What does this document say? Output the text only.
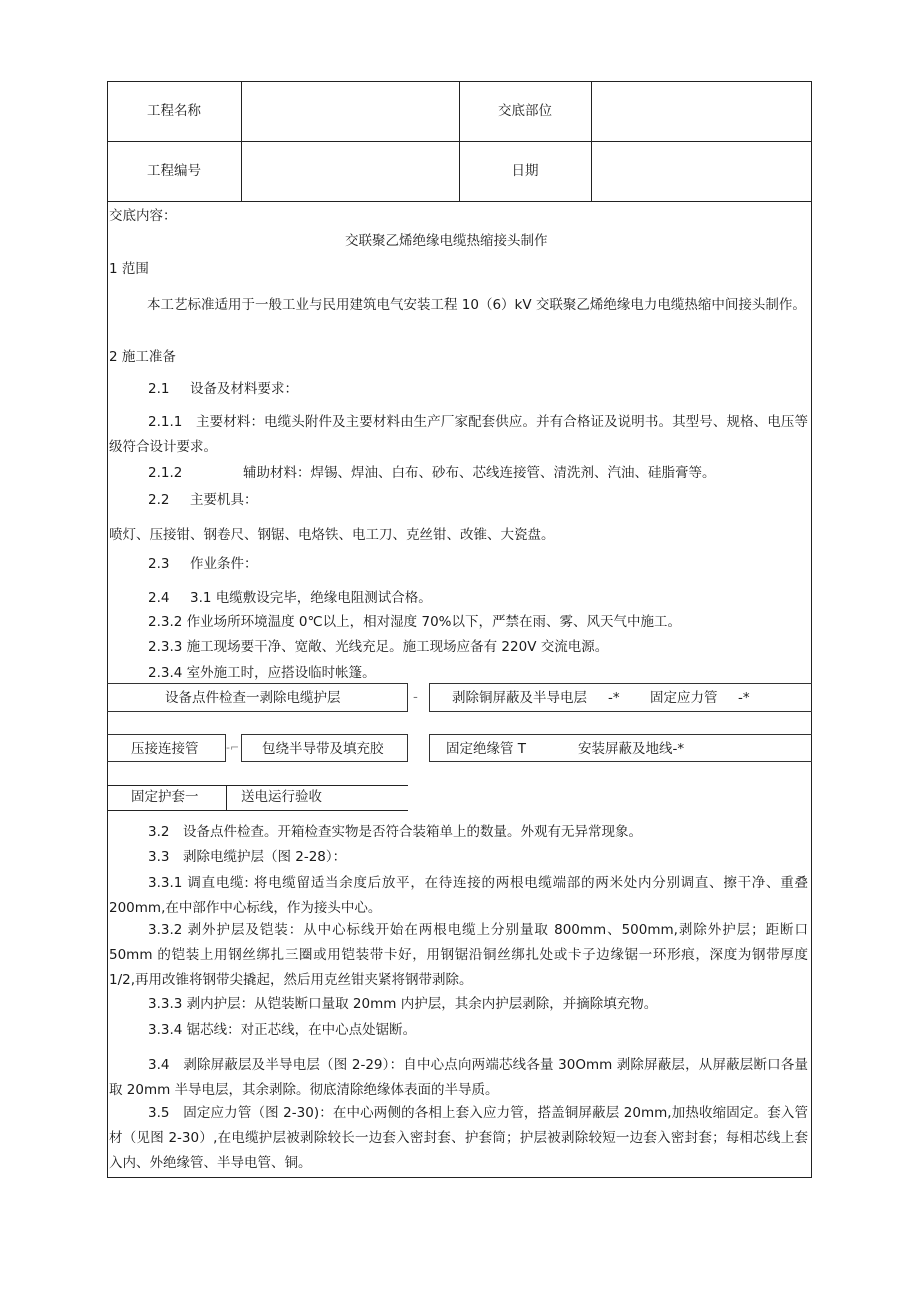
工程名称	交底部位
工程编号	日期
交底内容：
交联聚乙烯绝缘电缆热缩接头制作
1 范围
本工艺标准适用于一般工业与民用建筑电气安装工程 10（6）kV 交联聚乙烯绝缘电力电缆热缩中间接头制作。
2 施工准备
2.1 设备及材料要求：
2.1.1　主要材料：电缆头附件及主要材料由生产厂家配套供应。并有合格证及说明书。其型号、规格、电压等级符合设计要求。
2.1.2	辅助材料：焊锡、焊油、白布、砂布、芯线连接管、清洗剂、汽油、硅脂膏等。
2.2 主要机具：
喷灯、压接钳、钢卷尺、钢锯、电烙铁、电工刀、克丝钳、改锥、大瓷盘。
2.3 作业条件：
2.4 3.1 电缆敷设完毕，绝缘电阻测试合格。
2.3.2 作业场所环境温度 0℃以上，相对湿度 70%以下，严禁在雨、雾、风天气中施工。
2.3.3 施工现场要干净、宽敞、光线充足。施工现场应备有 220V 交流电源。
2.3.4 室外施工时，应搭设临时帐篷。
设备点件检查一剥除电缆护层	-	剥除铜屏蔽及半导电层 -* 固定应力管 -*
压接连接管	-⌐ 包绕半导带及填充胶	固定绝缘管 T	安装屏蔽及地线-*
固定护套一	送电运行验收
3.2　设备点件检查。开箱检查实物是否符合装箱单上的数量。外观有无异常现象。
3.3　剥除电缆护层（图 2-28）：
3.3.1 调直电缆: 将电缆留适当余度后放平，在待连接的两根电缆端部的两米处内分别调直、擦干净、重叠 200mm,在中部作中心标线，作为接头中心。
3.3.2 剥外护层及铠装：从中心标线开始在两根电缆上分别量取 800mm、500mm,剥除外护层；距断口 50mm 的铠装上用钢丝绑扎三圈或用铠装带卡好，用钢锯沿铜丝绑扎处或卡子边缘锯一环形痕，深度为钢带厚度 1/2,再用改锥将钢带尖撬起，然后用克丝钳夹紧将钢带剥除。
3.3.3 剥内护层：从铠装断口量取 20mm 内护层，其余内护层剥除，并摘除填充物。
3.3.4 锯芯线：对正芯线，在中心点处锯断。
3.4　剥除屏蔽层及半导电层（图 2-29）：自中心点向两端芯线各量 30Omm 剥除屏蔽层，从屏蔽层断口各量取 20mm 半导电层，其余剥除。彻底清除绝缘体表面的半导质。
3.5　固定应力管（图 2-30)：在中心两侧的各相上套入应力管，搭盖铜屏蔽层 20mm,加热收缩固定。套入管材（见图 2-30）,在电缆护层被剥除较长一边套入密封套、护套筒；护层被剥除较短一边套入密封套；每相芯线上套入内、外绝缘管、半导电管、铜。
